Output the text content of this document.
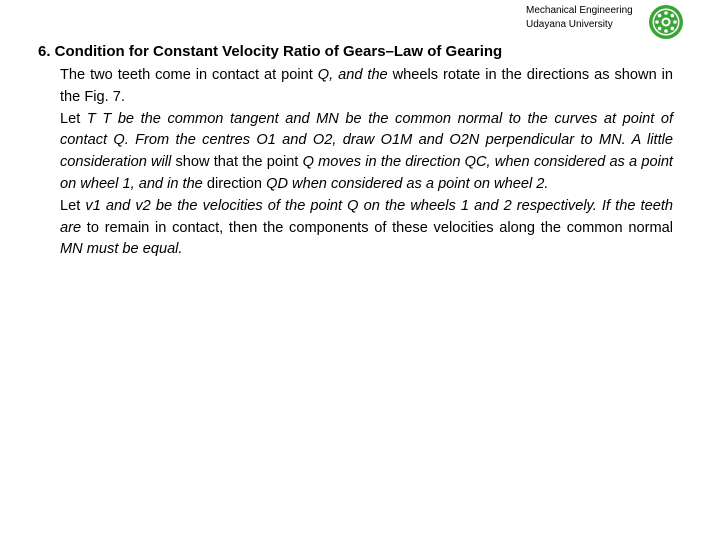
Mechanical Engineering
Udayana University
6. Condition for Constant Velocity Ratio of Gears–Law of Gearing

The two teeth come in contact at point Q, and the wheels rotate in the directions as shown in the Fig. 7.

Let T T be the common tangent and MN be the common normal to the curves at point of contact Q. From the centres O1 and O2, draw O1M and O2N perpendicular to MN. A little consideration will show that the point Q moves in the direction QC, when considered as a point on wheel 1, and in the direction QD when considered as a point on wheel 2.

Let v1 and v2 be the velocities of the point Q on the wheels 1 and 2 respectively. If the teeth are to remain in contact, then the components of these velocities along the common normal MN must be equal.
